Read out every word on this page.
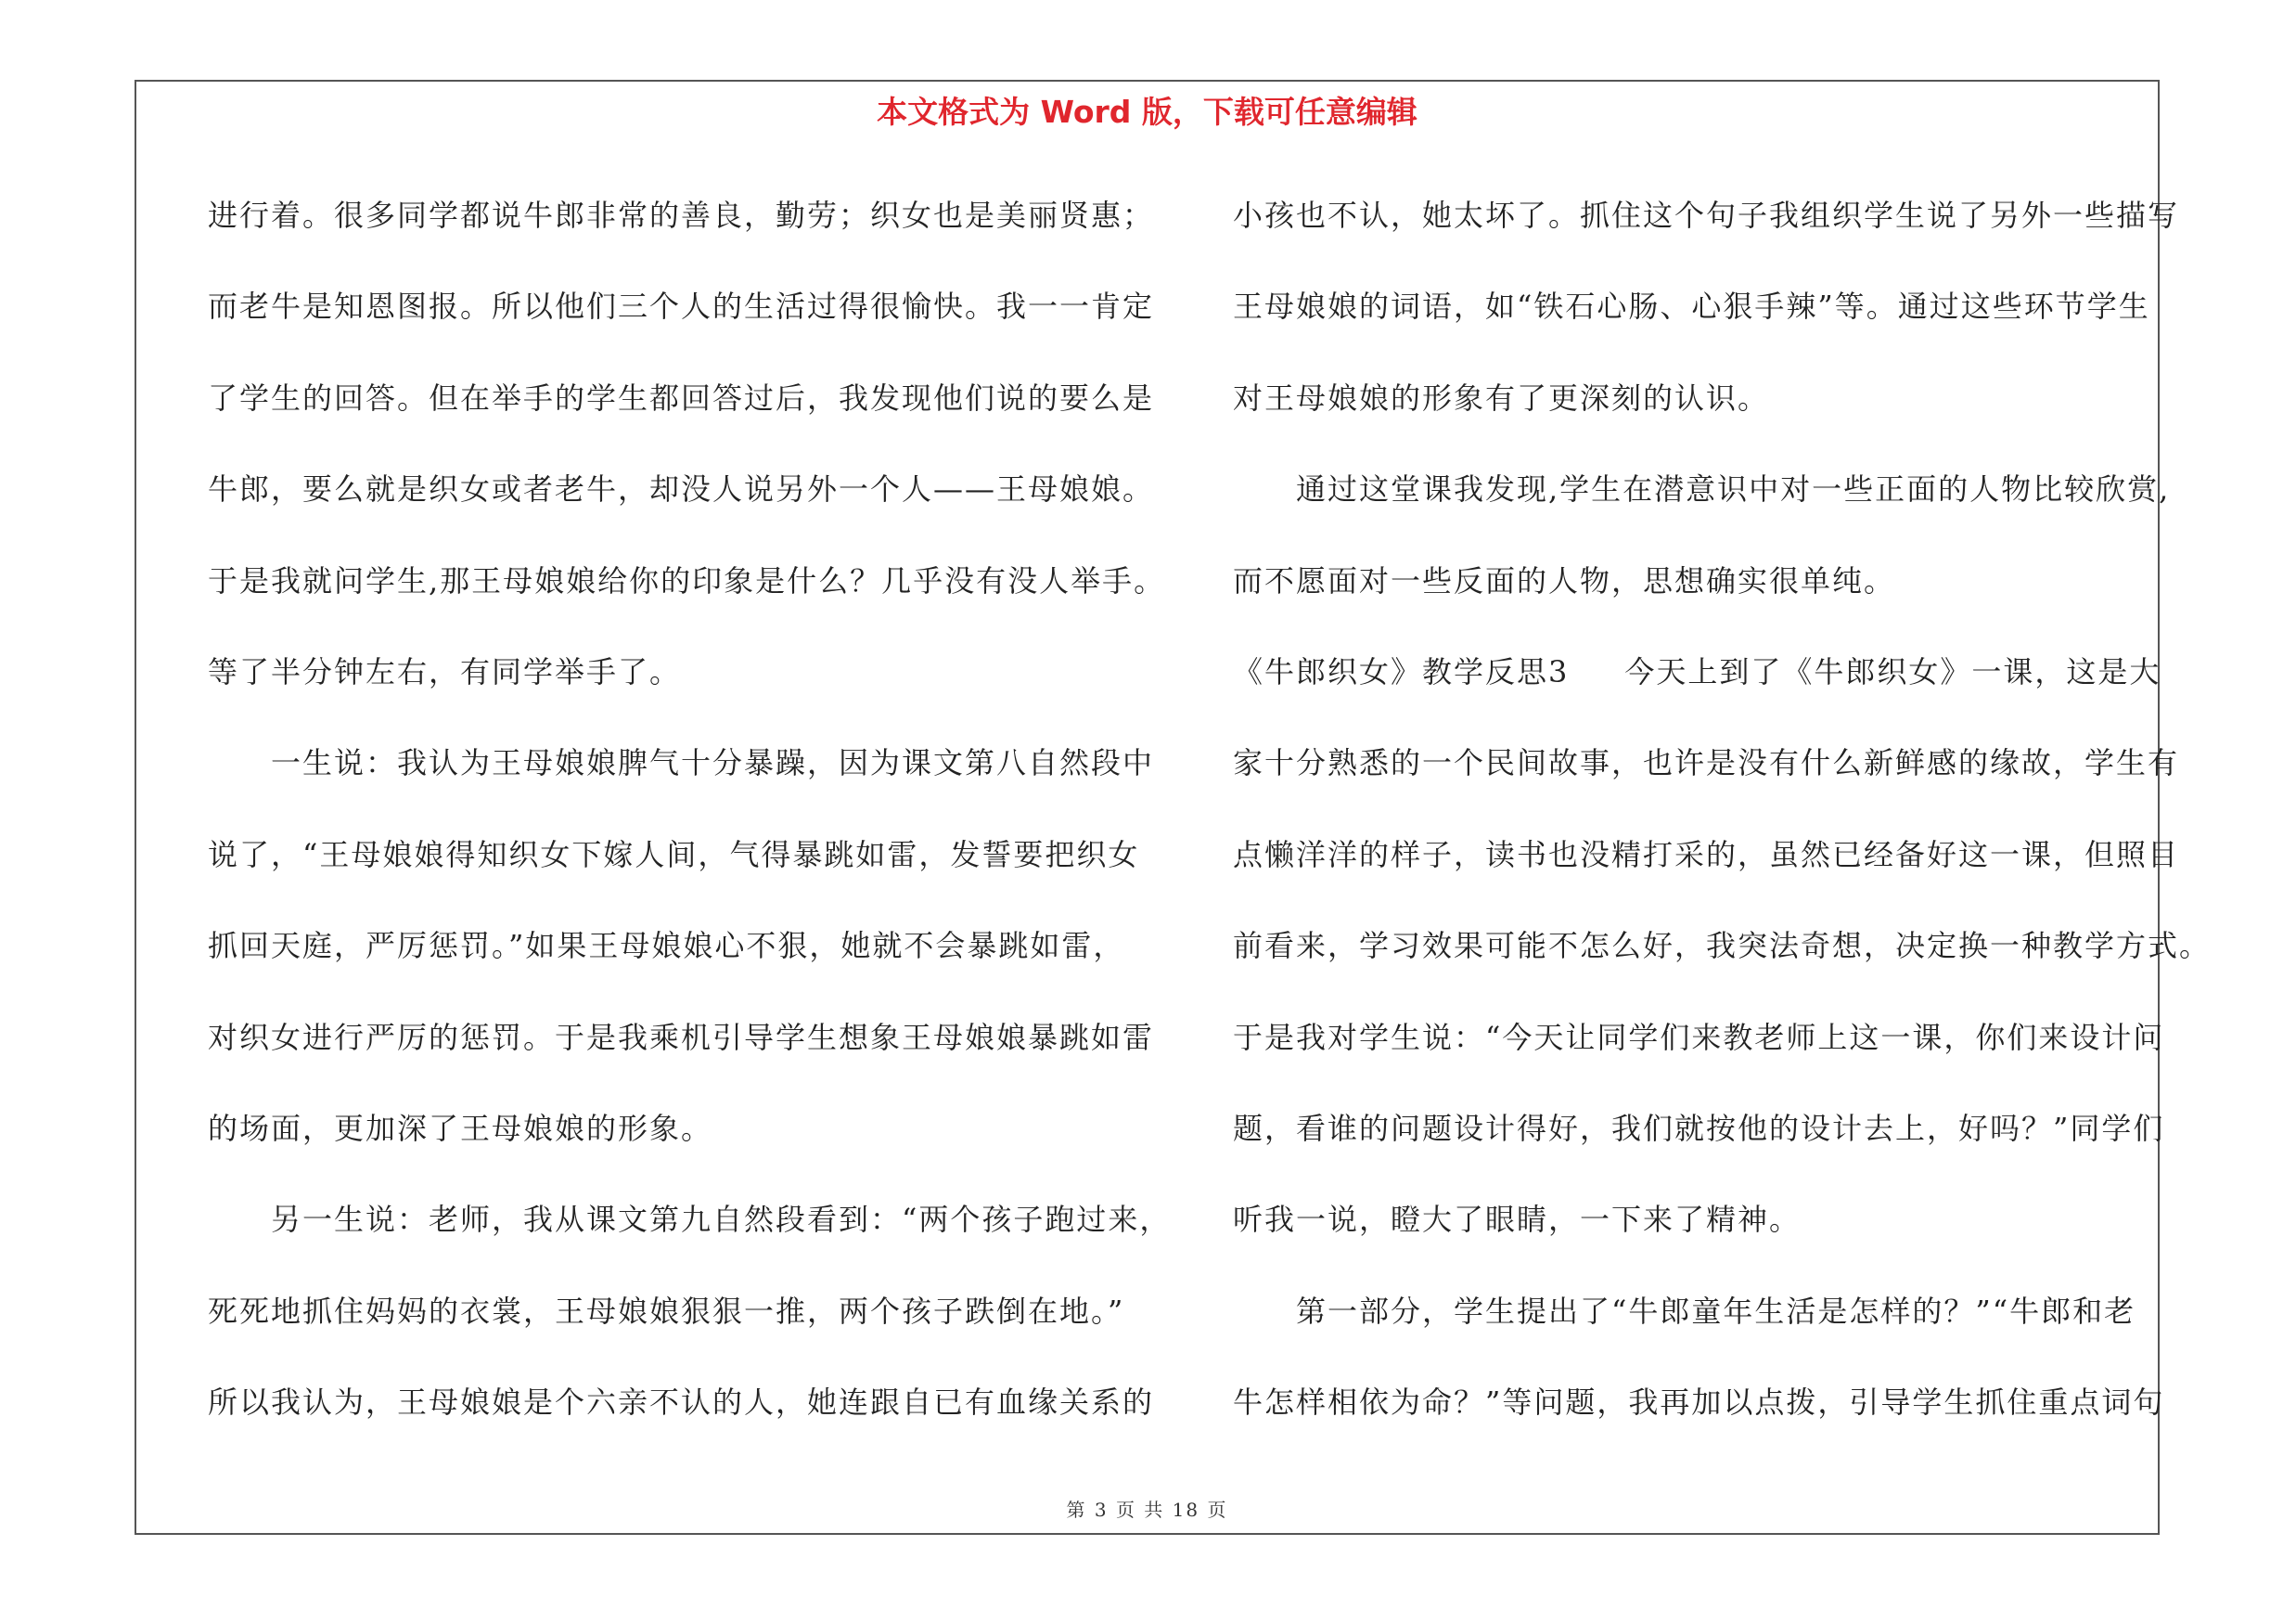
本文格式为 Word 版，下载可任意编辑
进行着。很多同学都说牛郎非常的善良，勤劳；织女也是美丽贤惠；
而老牛是知恩图报。所以他们三个人的生活过得很愉快。我一一肯定
了学生的回答。但在举手的学生都回答过后，我发现他们说的要么是
牛郎，要么就是织女或者老牛，却没人说另外一个人——王母娘娘。
于是我就问学生,那王母娘娘给你的印象是什么？几乎没有没人举手。
等了半分钟左右，有同学举手了。
一生说：我认为王母娘娘脾气十分暴躁，因为课文第八自然段中
说了，“王母娘娘得知织女下嫁人间，气得暴跳如雷，发誓要把织女
抓回天庭，严厉惩罚。”如果王母娘娘心不狠，她就不会暴跳如雷，
对织女进行严厉的惩罚。于是我乘机引导学生想象王母娘娘暴跳如雷
的场面，更加深了王母娘娘的形象。
另一生说：老师，我从课文第九自然段看到：“两个孩子跑过来，
死死地抓住妈妈的衣裳，王母娘娘狠狠一推，两个孩子跌倒在地。”
所以我认为，王母娘娘是个六亲不认的人，她连跟自已有血缘关系的
小孩也不认，她太坏了。抓住这个句子我组织学生说了另外一些描写
王母娘娘的词语，如“铁石心肠、心狠手辣”等。通过这些环节学生
对王母娘娘的形象有了更深刻的认识。
通过这堂课我发现,学生在潜意识中对一些正面的人物比较欣赏,
而不愿面对一些反面的人物，思想确实很单纯。
《牛郎织女》教学反思3 今天上到了《牛郎织女》一课，这是大
家十分熟悉的一个民间故事，也许是没有什么新鲜感的缘故，学生有
点懒洋洋的样子，读书也没精打采的，虽然已经备好这一课，但照目
前看来，学习效果可能不怎么好，我突法奇想，决定换一种教学方式。
于是我对学生说：“今天让同学们来教老师上这一课，你们来设计问
题，看谁的问题设计得好，我们就按他的设计去上，好吗？”同学们
听我一说，瞪大了眼睛，一下来了精神。
第一部分，学生提出了“牛郎童年生活是怎样的？”“牛郎和老
牛怎样相依为命？”等问题，我再加以点拨，引导学生抓住重点词句
第 3 页 共 18 页
